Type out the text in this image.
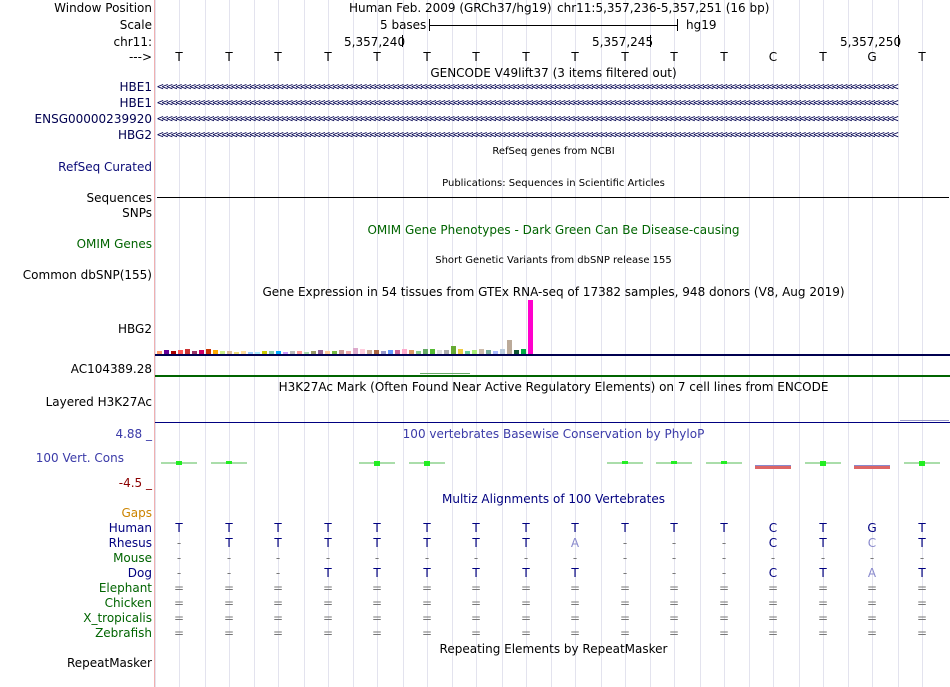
Window Position	Human Feb. 2009 (GRCh37/hg19) chr11:5,357,236-5,357,251 (16 bp)
Scale	5 bases	hg19
chr11:	5,357,240	5,357,245	5,357,250
--->	T	T	T	T	T	T	T	T	T	T	T	T	C	T	G	T
GENCODE V49lift37 (3 items filtered out)
HBE1 <<<<<<<<<<<<<<<<<<<<<<<<<<<<<<<<<<<<<<<<<<<<<<<<<<<<<<<<<<<<<<<<<<<<<<<<<<<<<<<<<<<<<<<<<<<<<<<<<<<<<<<<<<<<<<<<<<<<<<<<<<<<<<<<<<<<<<<<<<<<<<<<<<<<<<<<<<<<<<<<
HBE1 <<<<<<<<<<<<<<<<<<<<<<<<<<<<<<<<<<<<<<<<<<<<<<<<<<<<<<<<<<<<<<<<<<<<<<<<<<<<<<<<<<<<<<<<<<<<<<<<<<<<<<<<<<<<<<<<<<<<<<<<<<<<<<<<<<<<<<<<<<<<<<<<<<<<<<<<<<<<<<<<
ENSG00000239920 <<<<<<<<<<<<<<<<<<<<<<<<<<<<<<<<<<<<<<<<<<<<<<<<<<<<<<<<<<<<<<<<<<<<<<<<<<<<<<<<<<<<<<<<<<<<<<<<<<<<<<<<<<<<<<<<<<<<<<<<<<<<<<<<<<<<<<<<<<<<<<<<<<<<<<<<<<<<<<<<
HBG2 <<<<<<<<<<<<<<<<<<<<<<<<<<<<<<<<<<<<<<<<<<<<<<<<<<<<<<<<<<<<<<<<<<<<<<<<<<<<<<<<<<<<<<<<<<<<<<<<<<<<<<<<<<<<<<<<<<<<<<<<<<<<<<<<<<<<<<<<<<<<<<<<<<<<<<<<<<<<<<<<
RefSeq genes from NCBI
RefSeq Curated
Publications: Sequences in Scientific Articles
Sequences
SNPs
OMIM Gene Phenotypes - Dark Green Can Be Disease-causing
OMIM Genes
Short Genetic Variants from dbSNP release 155
Common dbSNP(155)
Gene Expression in 54 tissues from GTEx RNA-seq of 17382 samples, 948 donors (V8, Aug 2019)
HBG2
AC104389.28
H3K27Ac Mark (Often Found Near Active Regulatory Elements) on 7 cell lines from ENCODE
Layered H3K27Ac
100 vertebrates Basewise Conservation by PhyloP
4.88 _
100 Vert. Cons
-4.5 _
Multiz Alignments of 100 Vertebrates
Gaps
Human	T	T	T	T	T	T	T	T	T	T	T	T	C	T	G	T
Rhesus	-	T	T	T	T	T	T	T	A	-	-	-	C	T	C	T
Mouse	-	-	-	-	-	-	-	-	-	-	-	-	-	-	-	-
Dog	-	-	-	T	T	T	T	T	T	-	-	-	C	T	A	T
Elephant	=	=	=	=	=	=	=	=	=	=	=	=	=	=	=	=
Chicken	=	=	=	=	=	=	=	=	=	=	=	=	=	=	=	=
X_tropicalis	=	=	=	=	=	=	=	=	=	=	=	=	=	=	=	=
Zebrafish	=	=	=	=	=	=	=	=	=	=	=	=	=	=	=	=
Repeating Elements by RepeatMasker
RepeatMasker
